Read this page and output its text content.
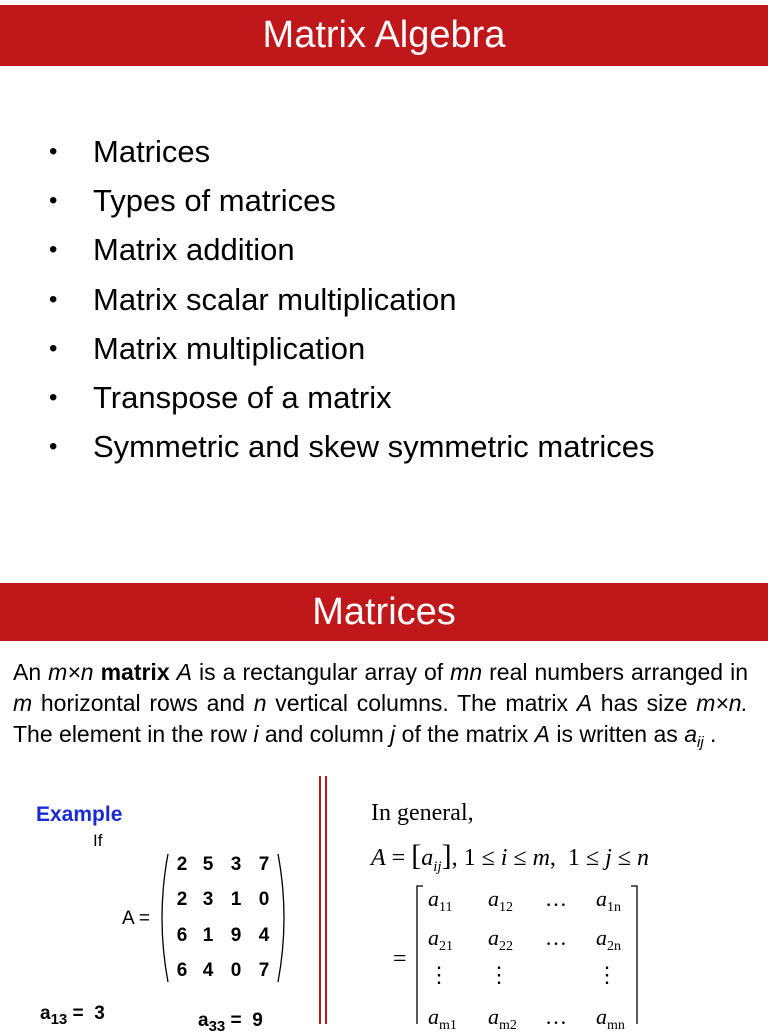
Matrix Algebra
• Matrices
• Types of matrices
• Matrix addition
• Matrix scalar multiplication
• Matrix multiplication
• Transpose of a matrix
• Symmetric and skew symmetric matrices
Matrices
An m×n matrix A is a rectangular array of mn real numbers arranged in m horizontal rows and n vertical columns. The matrix A has size m×n. The element in the row i and column j of the matrix A is written as $a_{ij}$ .
Example
If
A =
2 5 3 7
2 3 1 0
6 1 9 4
6 4 0 7
$a_{13} = 3$	$a_{33} = 9$
In general,
$A = [a_{ij}]$, 1 ≤ i ≤ m,  1 ≤ j ≤ n
=
$a_{11}$ $a_{12}$ … $a_{1n}$
$a_{21}$ $a_{22}$ … $a_{2n}$
⋮ ⋮	⋮
$a_{m1}$ $a_{m2}$ … $a_{mn}$
